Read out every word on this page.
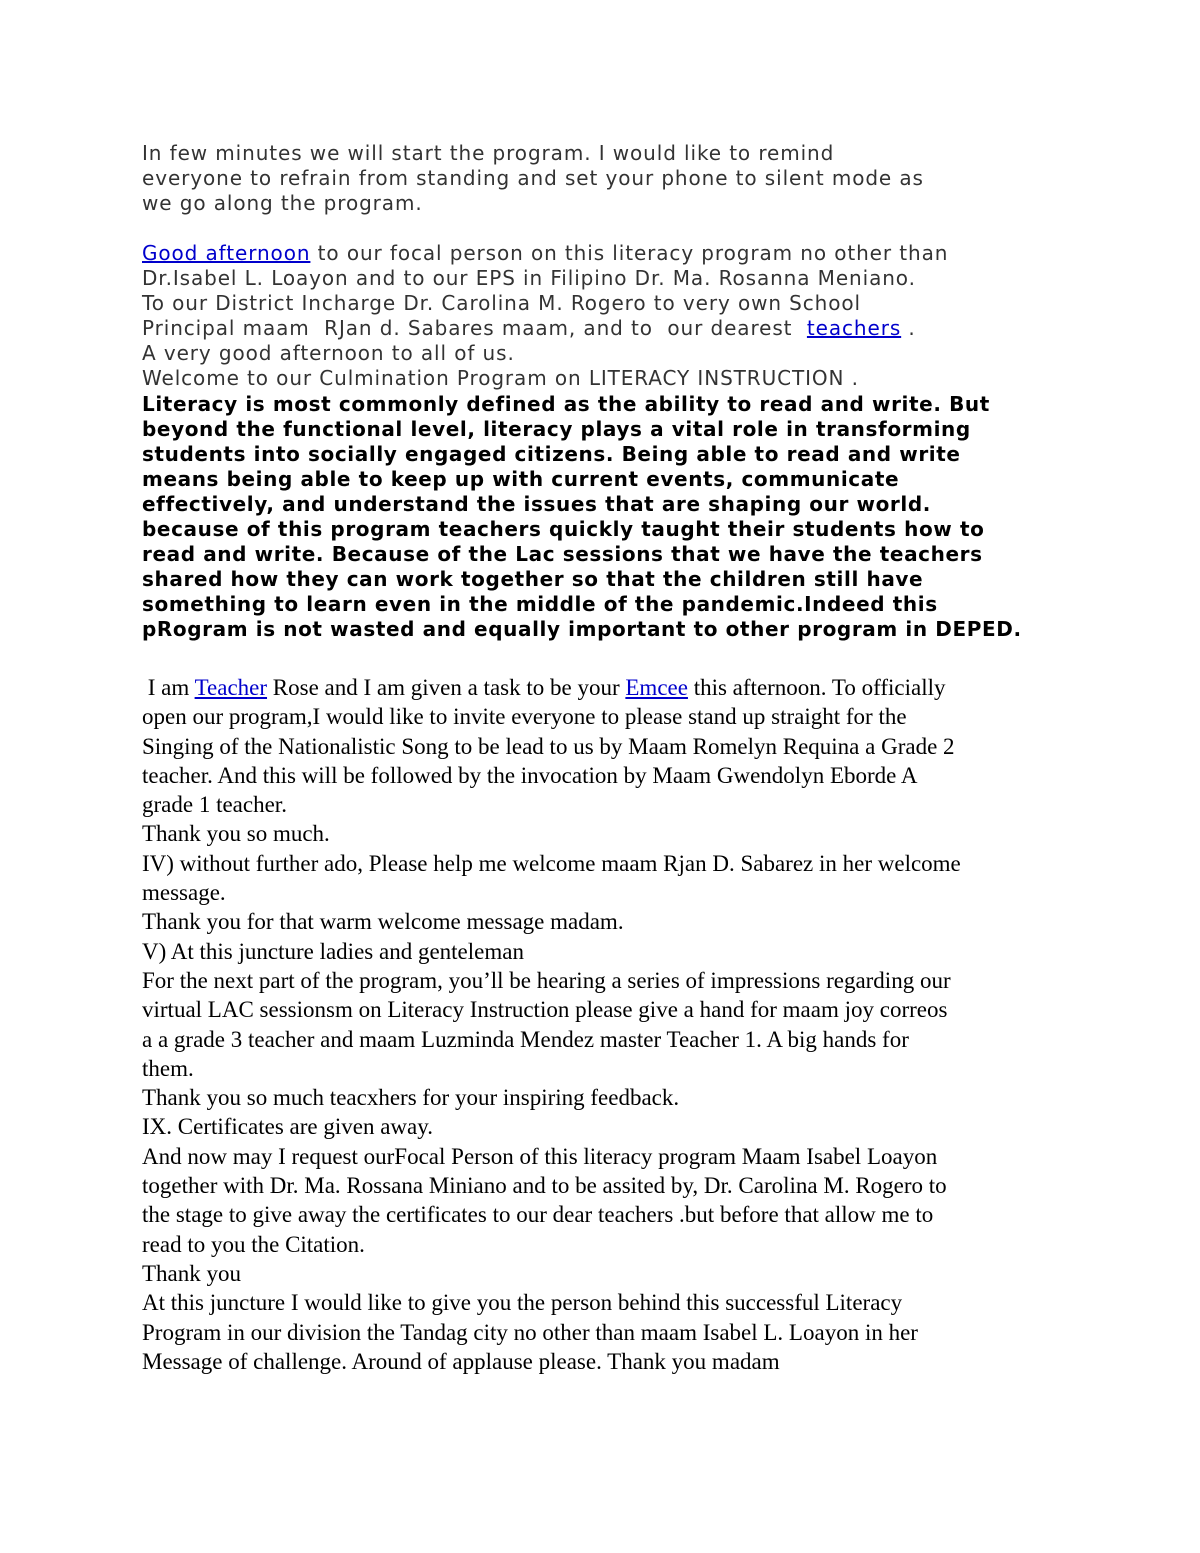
In few minutes we will start the program. I would like to remind
everyone to refrain from standing and set your phone to silent mode as
we go along the program.
Good afternoon to our focal person on this literacy program no other than
Dr.Isabel L. Loayon and to our EPS in Filipino Dr. Ma. Rosanna Meniano.
To our District Incharge Dr. Carolina M. Rogero to very own School
Principal maam  RJan d. Sabares maam, and to  our dearest  teachers .
A very good afternoon to all of us.
Welcome to our Culmination Program on LITERACY INSTRUCTION .
Literacy is most commonly defined as the ability to read and write. But
beyond the functional level, literacy plays a vital role in transforming
students into socially engaged citizens. Being able to read and write
means being able to keep up with current events, communicate
effectively, and understand the issues that are shaping our world.
because of this program teachers quickly taught their students how to
read and write. Because of the Lac sessions that we have the teachers
shared how they can work together so that the children still have
something to learn even in the middle of the pandemic.Indeed this
pRogram is not wasted and equally important to other program in DEPED.
I am Teacher Rose and I am given a task to be your Emcee this afternoon. To officially
open our program,I would like to invite everyone to please stand up straight for the
Singing of the Nationalistic Song to be lead to us by Maam Romelyn Requina a Grade 2
teacher. And this will be followed by the invocation by Maam Gwendolyn Eborde A
grade 1 teacher.
Thank you so much.
IV) without further ado, Please help me welcome maam Rjan D. Sabarez in her welcome
message.
Thank you for that warm welcome message madam.
V) At this juncture ladies and genteleman
For the next part of the program, you’ll be hearing a series of impressions regarding our
virtual LAC sessionsm on Literacy Instruction please give a hand for maam joy correos
a a grade 3 teacher and maam Luzminda Mendez master Teacher 1. A big hands for
them.
Thank you so much teacxhers for your inspiring feedback.
IX. Certificates are given away.
And now may I request ourFocal Person of this literacy program Maam Isabel Loayon
together with Dr. Ma. Rossana Miniano and to be assited by, Dr. Carolina M. Rogero to
the stage to give away the certificates to our dear teachers .but before that allow me to
read to you the Citation.
Thank you
At this juncture I would like to give you the person behind this successful Literacy
Program in our division the Tandag city no other than maam Isabel L. Loayon in her
Message of challenge. Around of applause please. Thank you madam
